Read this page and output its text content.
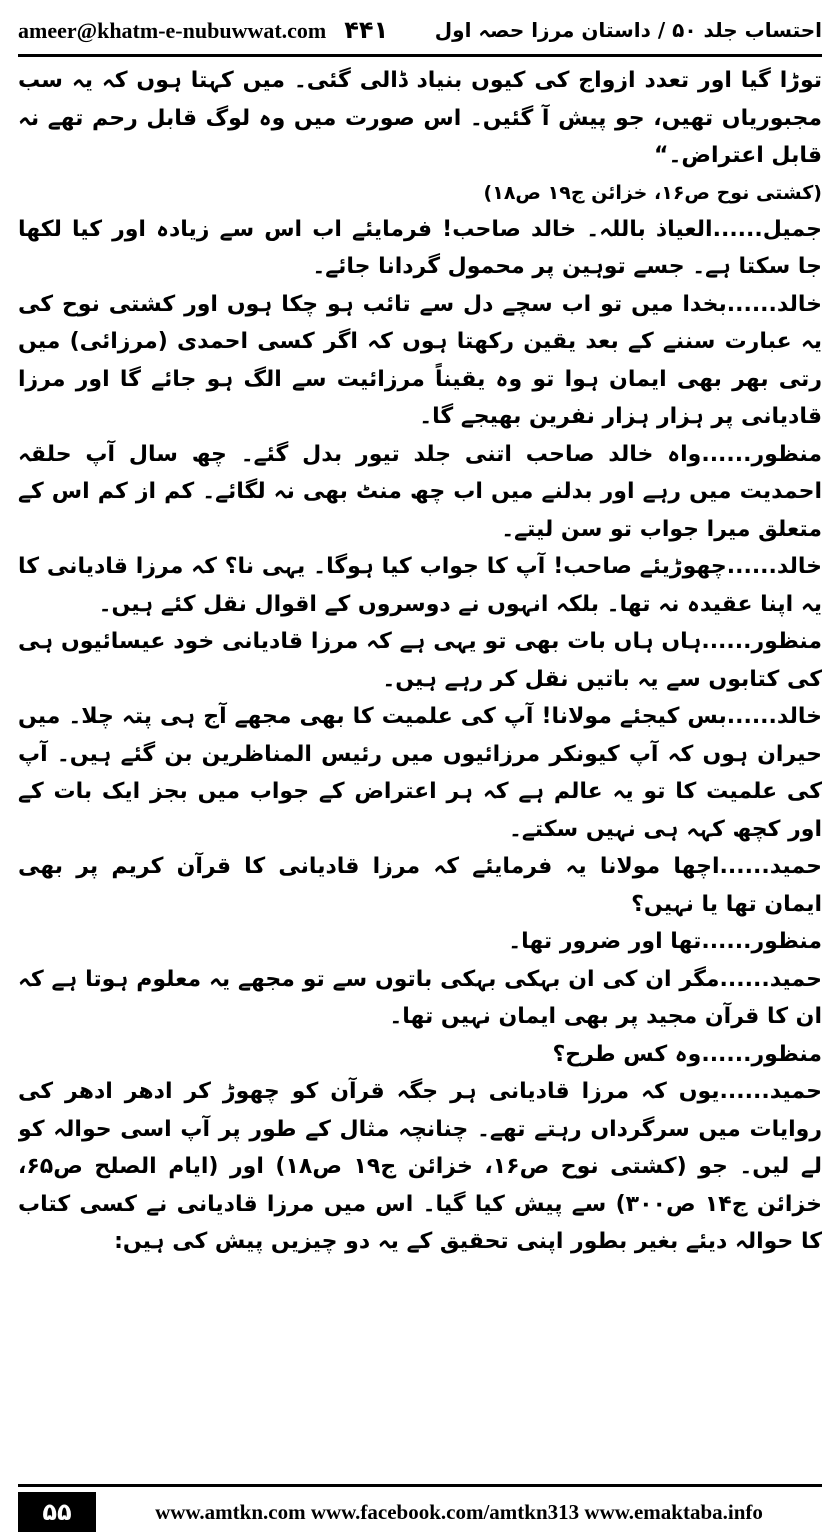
ameer@khatm-e-nubuwwat.com ۴۴۱ احتساب جلد ۵۰ / داستان مرزا حصہ اول

توڑا گیا اور تعدد ازواج کی کیوں بنیاد ڈالی گئی۔ میں کہتا ہوں کہ یہ سب مجبوریاں تھیں، جو پیش آ گئیں۔ اس صورت میں وہ لوگ قابل رحم تھے نہ قابل اعتراض۔“

(کشتی نوح ص۱۶، خزائن ج۱۹ ص۱۸)

جمیل......العیاذ باللہ۔ خالد صاحب! فرمایئے اب اس سے زیادہ اور کیا لکھا جا سکتا ہے۔ جسے توہین پر محمول گردانا جائے۔

خالد......بخدا میں تو اب سچے دل سے تائب ہو چکا ہوں اور کشتی نوح کی یہ عبارت سننے کے بعد یقین رکھتا ہوں کہ اگر کسی احمدی (مرزائی) میں رتی بھر بھی ایمان ہوا تو وہ یقیناً مرزائیت سے الگ ہو جائے گا اور مرزا قادیانی پر ہزار ہزار نفرین بھیجے گا۔

منظور......واہ خالد صاحب اتنی جلد تیور بدل گئے۔ چھ سال آپ حلقہ احمدیت میں رہے اور بدلنے میں اب چھ منٹ بھی نہ لگائے۔ کم از کم اس کے متعلق میرا جواب تو سن لیتے۔

خالد......چھوڑیئے صاحب! آپ کا جواب کیا ہوگا۔ یہی نا؟ کہ مرزا قادیانی کا یہ اپنا عقیدہ نہ تھا۔ بلکہ انہوں نے دوسروں کے اقوال نقل کئے ہیں۔

منظور......ہاں ہاں بات بھی تو یہی ہے کہ مرزا قادیانی خود عیسائیوں ہی کی کتابوں سے یہ باتیں نقل کر رہے ہیں۔

خالد......بس کیجئے مولانا! آپ کی علمیت کا بھی مجھے آج ہی پتہ چلا۔ میں حیران ہوں کہ آپ کیونکر مرزائیوں میں رئیس المناظرین بن گئے ہیں۔ آپ کی علمیت کا تو یہ عالم ہے کہ ہر اعتراض کے جواب میں بجز ایک بات کے اور کچھ کہہ ہی نہیں سکتے۔

حمید......اچھا مولانا یہ فرمایئے کہ مرزا قادیانی کا قرآن کریم پر بھی ایمان تھا یا نہیں؟

منظور......تھا اور ضرور تھا۔

حمید......مگر ان کی ان بہکی بہکی باتوں سے تو مجھے یہ معلوم ہوتا ہے کہ ان کا قرآن مجید پر بھی ایمان نہیں تھا۔

منظور......وہ کس طرح؟

حمید......یوں کہ مرزا قادیانی ہر جگہ قرآن کو چھوڑ کر ادھر ادھر کی روایات میں سرگرداں رہتے تھے۔ چنانچہ مثال کے طور پر آپ اسی حوالہ کو لے لیں۔ جو (کشتی نوح ص۱۶، خزائن ج۱۹ ص۱۸) اور (ایام الصلح ص۶۵، خزائن ج۱۴ ص۳۰۰) سے پیش کیا گیا۔ اس میں مرزا قادیانی نے کسی کتاب کا حوالہ دیئے بغیر بطور اپنی تحقیق کے یہ دو چیزیں پیش کی ہیں:

۵۵	www.amtkn.com www.facebook.com/amtkn313 www.emaktaba.info
